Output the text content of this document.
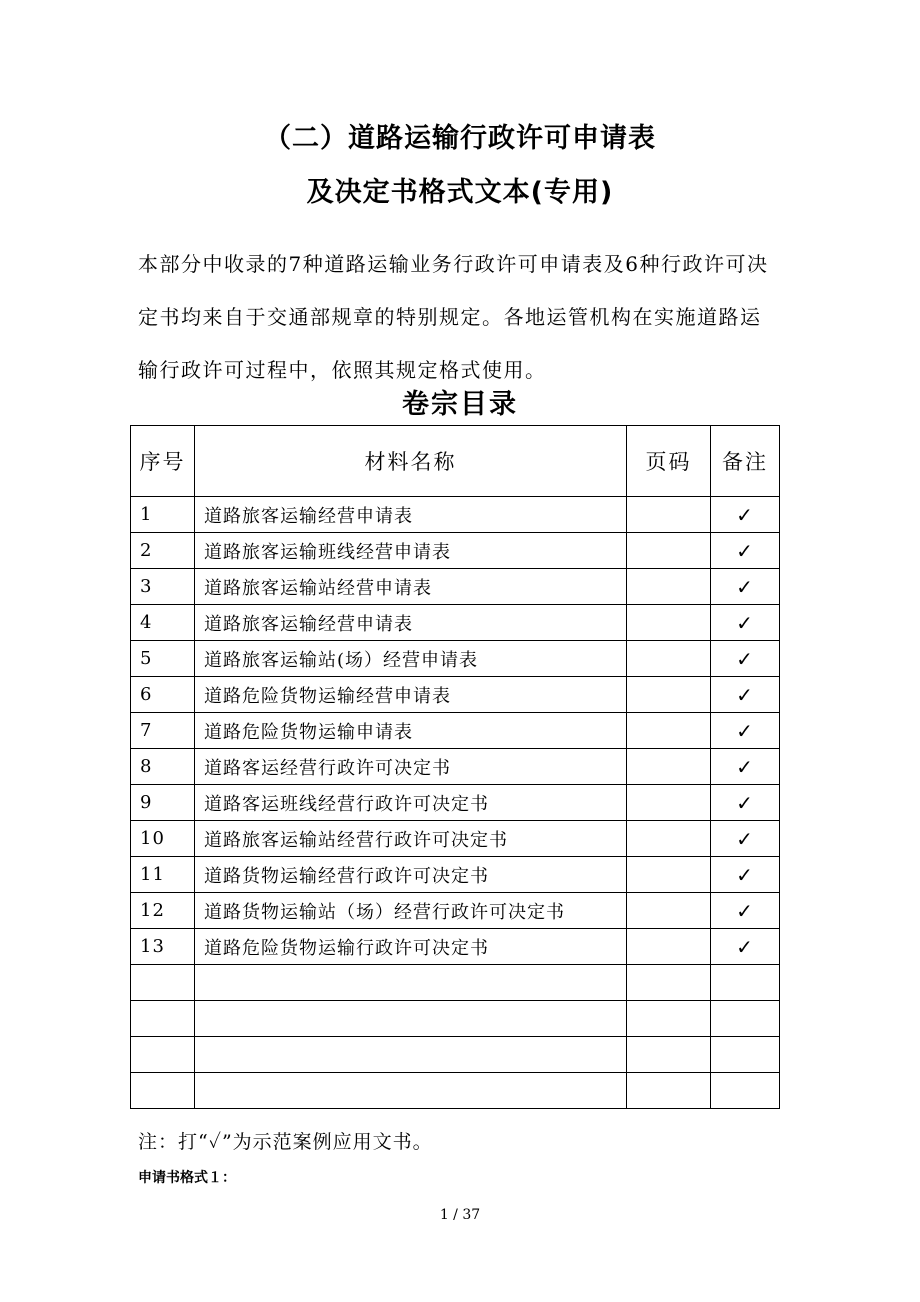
（二）道路运输行政许可申请表
及决定书格式文本(专用)

本部分中收录的7种道路运输业务行政许可申请表及6种行政许可决

定书均来自于交通部规章的特别规定。各地运管机构在实施道路运

输行政许可过程中，依照其规定格式使用。

卷宗目录
序号	材料名称	页码	备注
1	道路旅客运输经营申请表		✓
2	道路旅客运输班线经营申请表		✓
3	道路旅客运输站经营申请表		✓
4	道路旅客运输经营申请表		✓
5	道路旅客运输站(场）经营申请表		✓
6	道路危险货物运输经营申请表		✓
7	道路危险货物运输申请表		✓
8	道路客运经营行政许可决定书		✓
9	道路客运班线经营行政许可决定书		✓
10	道路旅客运输站经营行政许可决定书		✓
11	道路货物运输经营行政许可决定书		✓
12	道路货物运输站（场）经营行政许可决定书		✓
13	道路危险货物运输行政许可决定书		✓

注：打“✓”为示范案例应用文书。
申请书格式１：
1 / 37
